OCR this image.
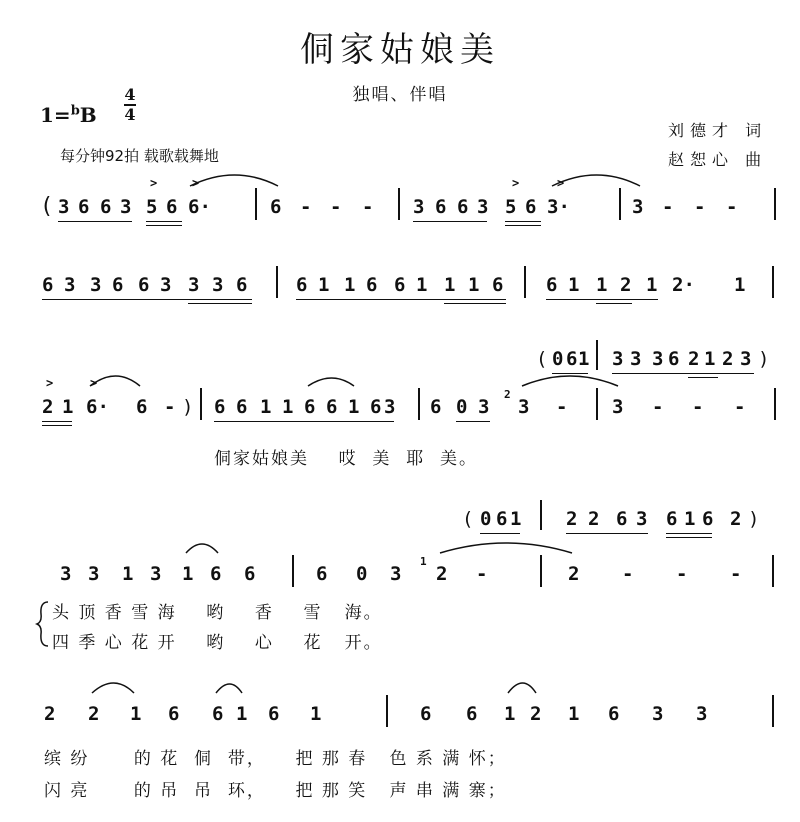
侗家姑娘美
独唱、伴唱
1=$^b$B
4
4
每分钟92拍 载歌载舞地
刘德才 词
赵恕心 曲
( 3 6 6 3 5 6 6·	6 - - - 3 6 6 3 5 6 3·	3 - - -
>	>	>	>
6 3 3 6 6 3 3 3 6	6 1 1 6 6 1 1 1 6 6 1 1 2 1 2· 1
( 0 6 1 3 3 3 6 2 1 2 3 )
2 1 6· 6 - ) 6 6 1 1 6 6 1 6 3 6 0 3
2
3 - 3 - - -
>	>
侗家姑娘美    哎  美  耶  美。
( 0 6 1 2 2 6 3 6 1 6 2 )
3 3 1 3 1 6 6	6 0 3
1
2 -	2 - - -
头 顶 香 雪 海    哟    香    雪   海。
四 季 心 花 开    哟    心    花   开。
2 2 1 6 6 1 6 1	6 6 1 2 1 6 3 3
缤 纷      的 花  侗  带，    把 那 春   色 系 满 怀；
闪 亮      的 吊  吊  环，    把 那 笑   声 串 满 寨；
